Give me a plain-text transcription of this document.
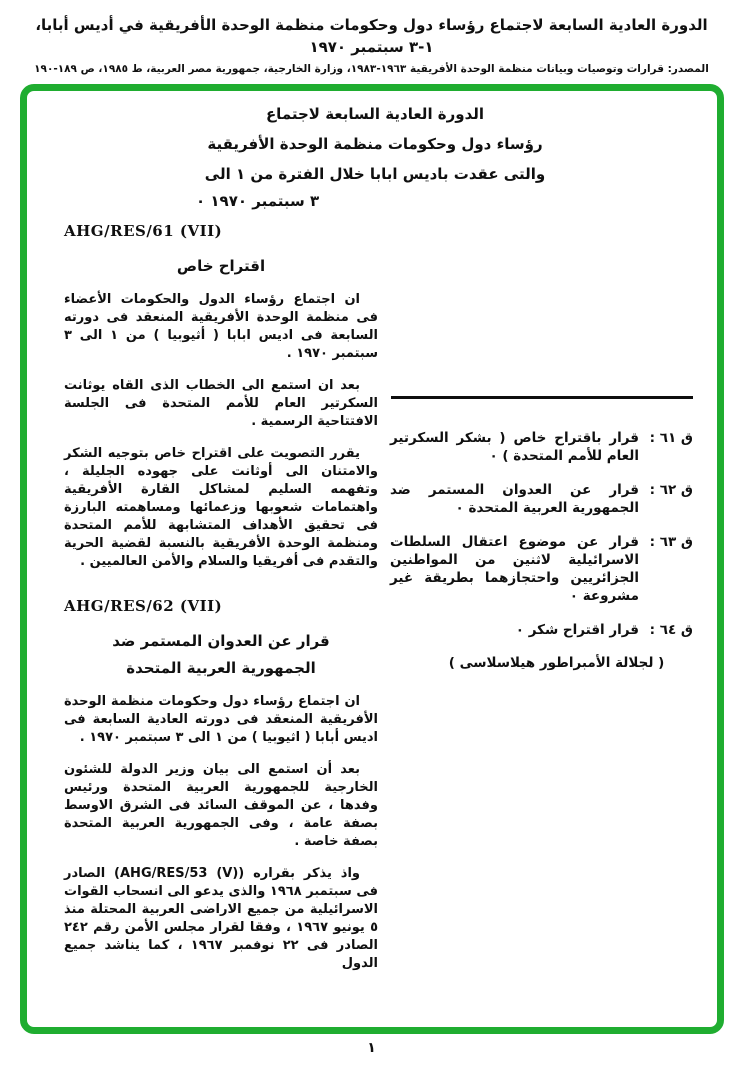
الدورة العادية السابعة لاجتماع رؤساء دول وحكومات منظمة الوحدة الأفريقية في أديس أبابا، ١-٣ سبتمبر ١٩٧٠
المصدر: قرارات وتوصيات وبيانات منظمة الوحدة الأفريقية ١٩٦٣-١٩٨٣، وزارة الخارجية، جمهورية مصر العربية، ط ١٩٨٥، ص ١٨٩-١٩٠
الدورة العادية السابعة لاجتماع
رؤساء دول وحكومات منظمة الوحدة الأفريقية
والتى عقدت باديس ابابا خلال الفترة من ١ الى
٣ سبتمبر ١٩٧٠ ٠
AHG/RES/61 (VII)
اقتراح خاص

ان اجتماع رؤساء الدول والحكومات الأعضاء فى منظمة الوحدة الأفريقية المنعقد فى دورته السابعة فى اديس ابابا ( أثيوبيا ) من ١ الى ٣ سبتمبر ١٩٧٠ .

بعد ان استمع الى الخطاب الذى القاه يوثانت السكرتير العام للأمم المتحدة فى الجلسة الافتتاحية الرسمية .

يقرر التصويت على اقتراح خاص بتوجيه الشكر والامتنان الى أوثانت على جهوده الجليلة ، وتفهمه السليم لمشاكل القارة الأفريقية واهتمامات شعوبها وزعمائها ومساهمته البارزة فى تحقيق الأهداف المتشابهة للأمم المتحدة ومنظمة الوحدة الأفريقية بالنسبة لقضية الحرية والتقدم فى أفريقيا والسلام والأمن العالميين .

AHG/RES/62 (VII)
قرار عن العدوان المستمر ضد
الجمهورية العربية المتحدة

ان اجتماع رؤساء دول وحكومات منظمة الوحدة الأفريقية المنعقد فى دورته العادية السابعة فى اديس أبابا ( اثيوبيا ) من ١ الى ٣ سبتمبر ١٩٧٠ .

بعد أن استمع الى بيان وزير الدولة للشئون الخارجية للجمهورية العربية المتحدة ورئيس وفدها ، عن الموقف السائد فى الشرق الاوسط بصفة عامة ، وفى الجمهورية العربية المتحدة بصفة خاصة .

واذ يذكر بقراره (AHG/RES/53 (V)) الصادر فى سبتمبر ١٩٦٨ والذى يدعو الى انسحاب القوات الاسرائيلية من جميع الاراضى العربية المحتلة منذ ٥ يونيو ١٩٦٧ ، وفقا لقرار مجلس الأمن رقم ٢٤٢ الصادر فى ٢٢ نوفمبر ١٩٦٧ ، كما يناشد جميع الدول

ق ٦١ :
قرار باقتراح خاص ( بشكر السكرتير العام للأمم المتحدة ) ٠
ق ٦٢ :
قرار عن العدوان المستمر ضد الجمهورية العربية المتحدة ٠
ق ٦٣ :
قرار عن موضوع اعتقال السلطات الاسرائيلية لاثنين من المواطنين الجزائريين واحتجازهما بطريقة غير مشروعة ٠
ق ٦٤ :
قرار اقتراح شكر ٠
( لجلالة الأمبراطور هيلاسلاسى )
١
